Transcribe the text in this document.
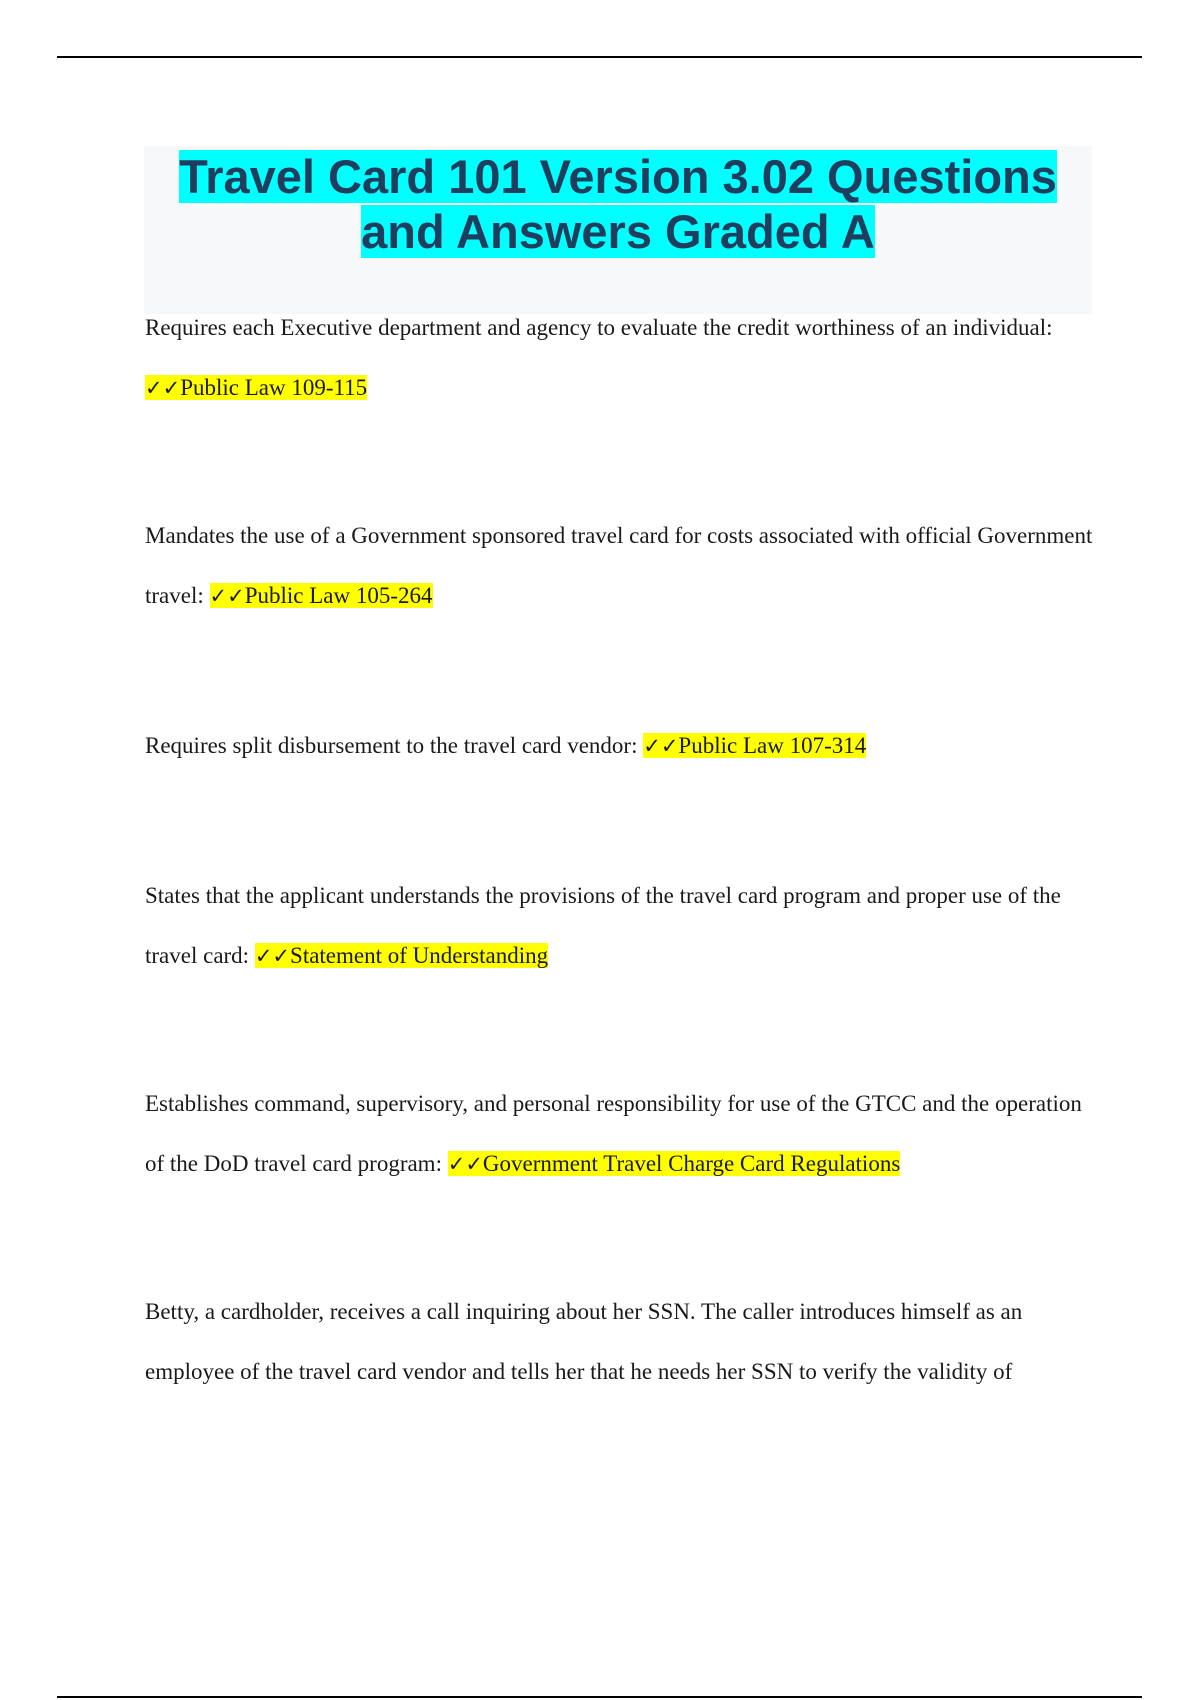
Travel Card 101 Version 3.02 Questions and Answers Graded A
Requires each Executive department and agency to evaluate the credit worthiness of an individual: ✓✓Public Law 109-115
Mandates the use of a Government sponsored travel card for costs associated with official Government travel: ✓✓Public Law 105-264
Requires split disbursement to the travel card vendor: ✓✓Public Law 107-314
States that the applicant understands the provisions of the travel card program and proper use of the travel card: ✓✓Statement of Understanding
Establishes command, supervisory, and personal responsibility for use of the GTCC and the operation of the DoD travel card program: ✓✓Government Travel Charge Card Regulations
Betty, a cardholder, receives a call inquiring about her SSN. The caller introduces himself as an employee of the travel card vendor and tells her that he needs her SSN to verify the validity of
